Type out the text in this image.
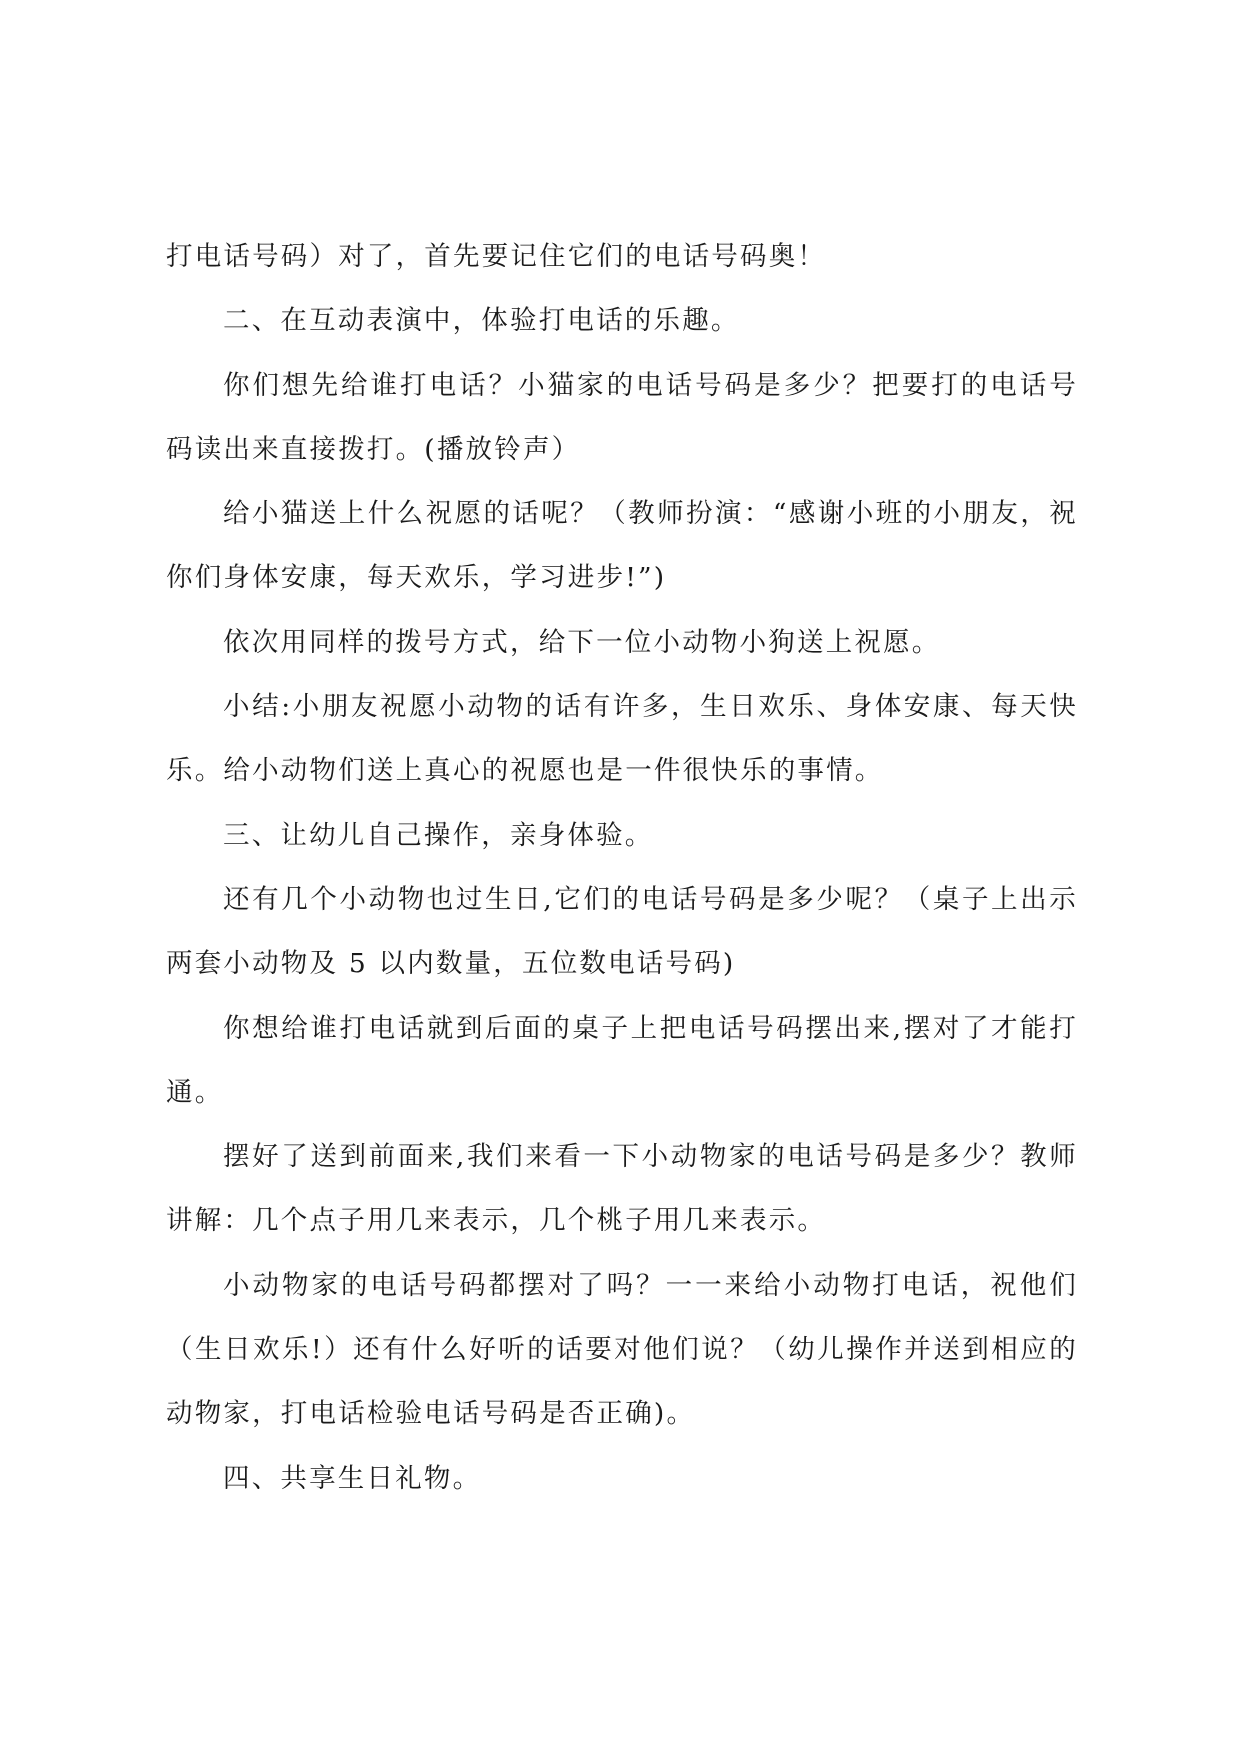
打电话号码）对了，首先要记住它们的电话号码奥！

二、在互动表演中，体验打电话的乐趣。

你们想先给谁打电话？小猫家的电话号码是多少？把要打的电话号码读出来直接拨打。(播放铃声）

给小猫送上什么祝愿的话呢？（教师扮演：“感谢小班的小朋友，祝你们身体安康，每天欢乐，学习进步!”)

依次用同样的拨号方式，给下一位小动物小狗送上祝愿。

小结:小朋友祝愿小动物的话有许多，生日欢乐、身体安康、每天快乐。给小动物们送上真心的祝愿也是一件很快乐的事情。

三、让幼儿自己操作，亲身体验。

还有几个小动物也过生日,它们的电话号码是多少呢？（桌子上出示两套小动物及 5 以内数量，五位数电话号码)

你想给谁打电话就到后面的桌子上把电话号码摆出来,摆对了才能打通。

摆好了送到前面来,我们来看一下小动物家的电话号码是多少？教师讲解：几个点子用几来表示，几个桃子用几来表示。

小动物家的电话号码都摆对了吗？一一来给小动物打电话，祝他们（生日欢乐!）还有什么好听的话要对他们说？（幼儿操作并送到相应的动物家，打电话检验电话号码是否正确)。

四、共享生日礼物。
